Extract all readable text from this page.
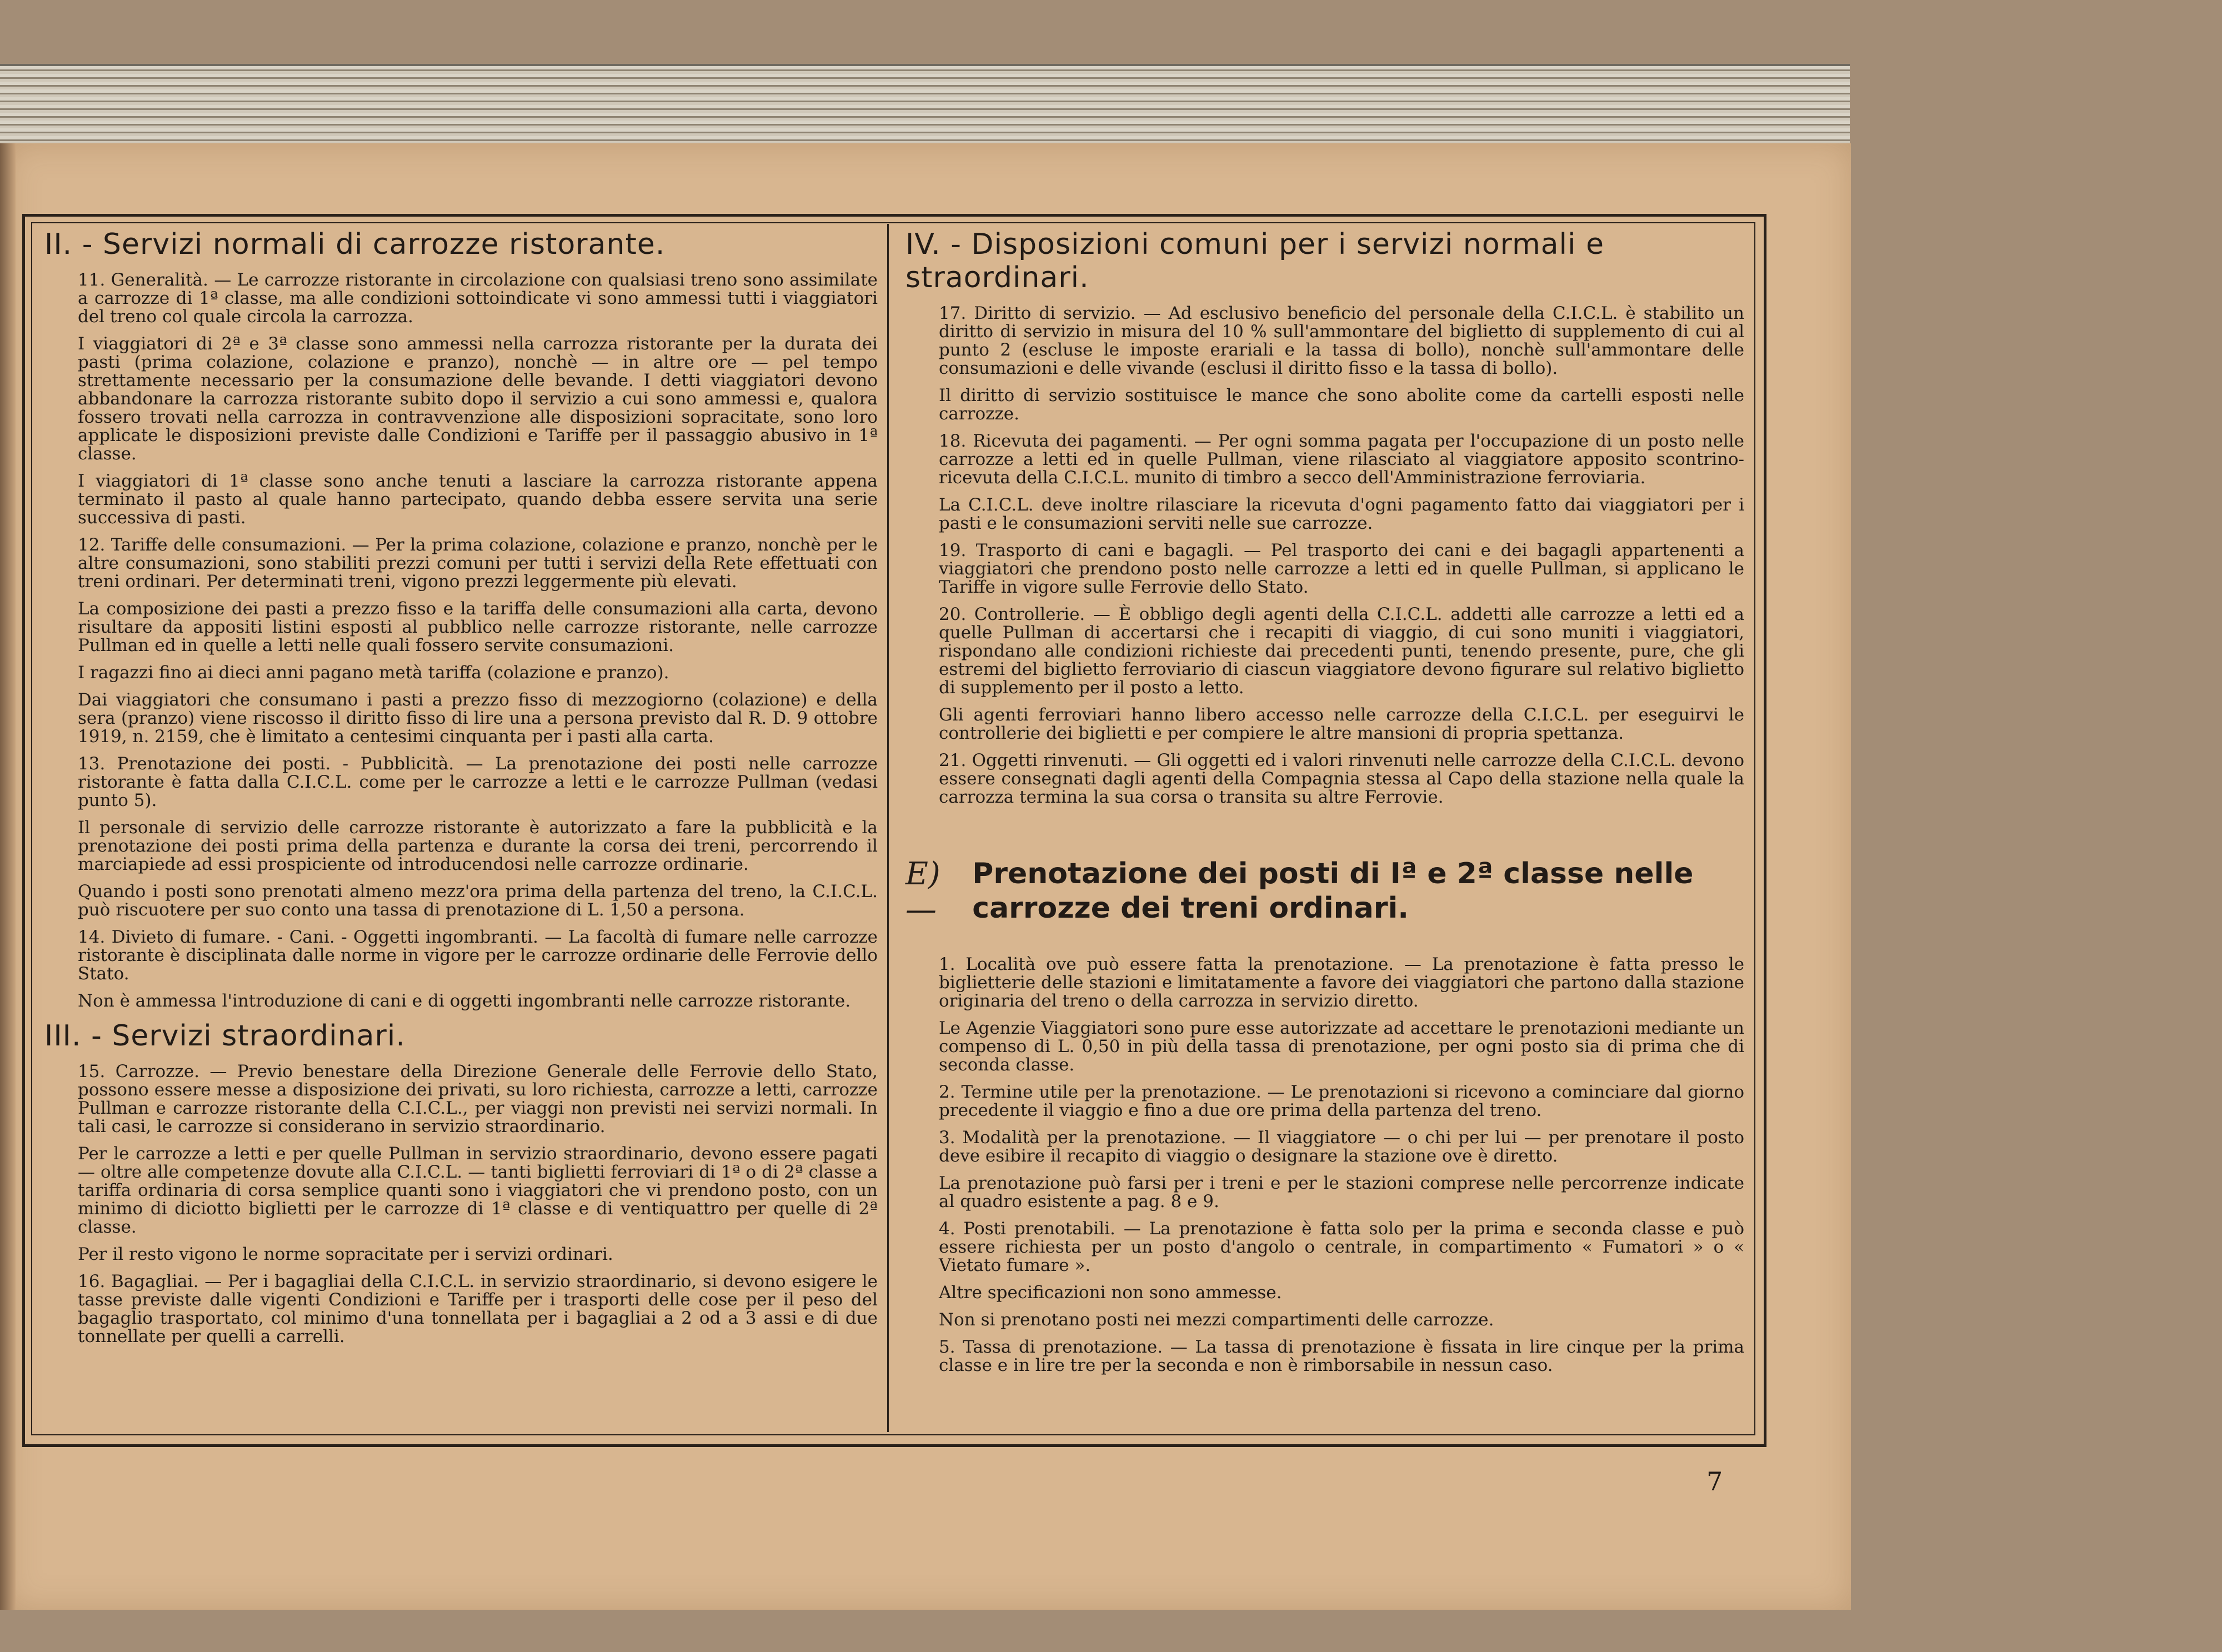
II. - Servizi normali di carrozze ristorante.
11. Generalità. — Le carrozze ristorante in circolazione con qualsiasi treno sono assimilate a carrozze di 1ª classe, ma alle condizioni sottoindicate vi sono ammessi tutti i viaggiatori del treno col quale circola la carrozza.
I viaggiatori di 2ª e 3ª classe sono ammessi nella carrozza ristorante per la durata dei pasti (prima colazione, colazione e pranzo), nonchè — in altre ore — pel tempo strettamente necessario per la consumazione delle bevande. I detti viaggiatori devono abbandonare la carrozza ristorante subito dopo il servizio a cui sono ammessi e, qualora fossero trovati nella carrozza in contravvenzione alle disposizioni sopracitate, sono loro applicate le disposizioni previste dalle Condizioni e Tariffe per il passaggio abusivo in 1ª classe.
I viaggiatori di 1ª classe sono anche tenuti a lasciare la carrozza ristorante appena terminato il pasto al quale hanno partecipato, quando debba essere servita una serie successiva di pasti.
12. Tariffe delle consumazioni. — Per la prima colazione, colazione e pranzo, nonchè per le altre consumazioni, sono stabiliti prezzi comuni per tutti i servizi della Rete effettuati con treni ordinari. Per determinati treni, vigono prezzi leggermente più elevati.
La composizione dei pasti a prezzo fisso e la tariffa delle consumazioni alla carta, devono risultare da appositi listini esposti al pubblico nelle carrozze ristorante, nelle carrozze Pullman ed in quelle a letti nelle quali fossero servite consumazioni.
I ragazzi fino ai dieci anni pagano metà tariffa (colazione e pranzo).
Dai viaggiatori che consumano i pasti a prezzo fisso di mezzogiorno (colazione) e della sera (pranzo) viene riscosso il diritto fisso di lire una a persona previsto dal R. D. 9 ottobre 1919, n. 2159, che è limitato a centesimi cinquanta per i pasti alla carta.
13. Prenotazione dei posti. - Pubblicità. — La prenotazione dei posti nelle carrozze ristorante è fatta dalla C.I.C.L. come per le carrozze a letti e le carrozze Pullman (vedasi punto 5).
Il personale di servizio delle carrozze ristorante è autorizzato a fare la pubblicità e la prenotazione dei posti prima della partenza e durante la corsa dei treni, percorrendo il marciapiede ad essi prospiciente od introducendosi nelle carrozze ordinarie.
Quando i posti sono prenotati almeno mezz'ora prima della partenza del treno, la C.I.C.L. può riscuotere per suo conto una tassa di prenotazione di L. 1,50 a persona.
14. Divieto di fumare. - Cani. - Oggetti ingombranti. — La facoltà di fumare nelle carrozze ristorante è disciplinata dalle norme in vigore per le carrozze ordinarie delle Ferrovie dello Stato.
Non è ammessa l'introduzione di cani e di oggetti ingombranti nelle carrozze ristorante.
III. - Servizi straordinari.
15. Carrozze. — Previo benestare della Direzione Generale delle Ferrovie dello Stato, possono essere messe a disposizione dei privati, su loro richiesta, carrozze a letti, carrozze Pullman e carrozze ristorante della C.I.C.L., per viaggi non previsti nei servizi normali. In tali casi, le carrozze si considerano in servizio straordinario.
Per le carrozze a letti e per quelle Pullman in servizio straordinario, devono essere pagati — oltre alle competenze dovute alla C.I.C.L. — tanti biglietti ferroviari di 1ª o di 2ª classe a tariffa ordinaria di corsa semplice quanti sono i viaggiatori che vi prendono posto, con un minimo di diciotto biglietti per le carrozze di 1ª classe e di ventiquattro per quelle di 2ª classe.
Per il resto vigono le norme sopracitate per i servizi ordinari.
16. Bagagliai. — Per i bagagliai della C.I.C.L. in servizio straordinario, si devono esigere le tasse previste dalle vigenti Condizioni e Tariffe per i trasporti delle cose per il peso del bagaglio trasportato, col minimo d'una tonnellata per i bagagliai a 2 od a 3 assi e di due tonnellate per quelli a carrelli.
IV. - Disposizioni comuni per i servizi normali e straordinari.
17. Diritto di servizio. — Ad esclusivo beneficio del personale della C.I.C.L. è stabilito un diritto di servizio in misura del 10 % sull'ammontare del biglietto di supplemento di cui al punto 2 (escluse le imposte erariali e la tassa di bollo), nonchè sull'ammontare delle consumazioni e delle vivande (esclusi il diritto fisso e la tassa di bollo).
Il diritto di servizio sostituisce le mance che sono abolite come da cartelli esposti nelle carrozze.
18. Ricevuta dei pagamenti. — Per ogni somma pagata per l'occupazione di un posto nelle carrozze a letti ed in quelle Pullman, viene rilasciato al viaggiatore apposito scontrino-ricevuta della C.I.C.L. munito di timbro a secco dell'Amministrazione ferroviaria.
La C.I.C.L. deve inoltre rilasciare la ricevuta d'ogni pagamento fatto dai viaggiatori per i pasti e le consumazioni serviti nelle sue carrozze.
19. Trasporto di cani e bagagli. — Pel trasporto dei cani e dei bagagli appartenenti a viaggiatori che prendono posto nelle carrozze a letti ed in quelle Pullman, si applicano le Tariffe in vigore sulle Ferrovie dello Stato.
20. Controllerie. — È obbligo degli agenti della C.I.C.L. addetti alle carrozze a letti ed a quelle Pullman di accertarsi che i recapiti di viaggio, di cui sono muniti i viaggiatori, rispondano alle condizioni richieste dai precedenti punti, tenendo presente, pure, che gli estremi del biglietto ferroviario di ciascun viaggiatore devono figurare sul relativo biglietto di supplemento per il posto a letto.
Gli agenti ferroviari hanno libero accesso nelle carrozze della C.I.C.L. per eseguirvi le controllerie dei biglietti e per compiere le altre mansioni di propria spettanza.
21. Oggetti rinvenuti. — Gli oggetti ed i valori rinvenuti nelle carrozze della C.I.C.L. devono essere consegnati dagli agenti della Compagnia stessa al Capo della stazione nella quale la carrozza termina la sua corsa o transita su altre Ferrovie.
E) —
Prenotazione dei posti di Iª e 2ª classe nelle carrozze dei treni ordinari.
1. Località ove può essere fatta la prenotazione. — La prenotazione è fatta presso le biglietterie delle stazioni e limitatamente a favore dei viaggiatori che partono dalla stazione originaria del treno o della carrozza in servizio diretto.
Le Agenzie Viaggiatori sono pure esse autorizzate ad accettare le prenotazioni mediante un compenso di L. 0,50 in più della tassa di prenotazione, per ogni posto sia di prima che di seconda classe.
2. Termine utile per la prenotazione. — Le prenotazioni si ricevono a cominciare dal giorno precedente il viaggio e fino a due ore prima della partenza del treno.
3. Modalità per la prenotazione. — Il viaggiatore — o chi per lui — per prenotare il posto deve esibire il recapito di viaggio o designare la stazione ove è diretto.
La prenotazione può farsi per i treni e per le stazioni comprese nelle percorrenze indicate al quadro esistente a pag. 8 e 9.
4. Posti prenotabili. — La prenotazione è fatta solo per la prima e seconda classe e può essere richiesta per un posto d'angolo o centrale, in compartimento « Fumatori » o « Vietato fumare ».
Altre specificazioni non sono ammesse.
Non si prenotano posti nei mezzi compartimenti delle carrozze.
5. Tassa di prenotazione. — La tassa di prenotazione è fissata in lire cinque per la prima classe e in lire tre per la seconda e non è rimborsabile in nessun caso.
7
